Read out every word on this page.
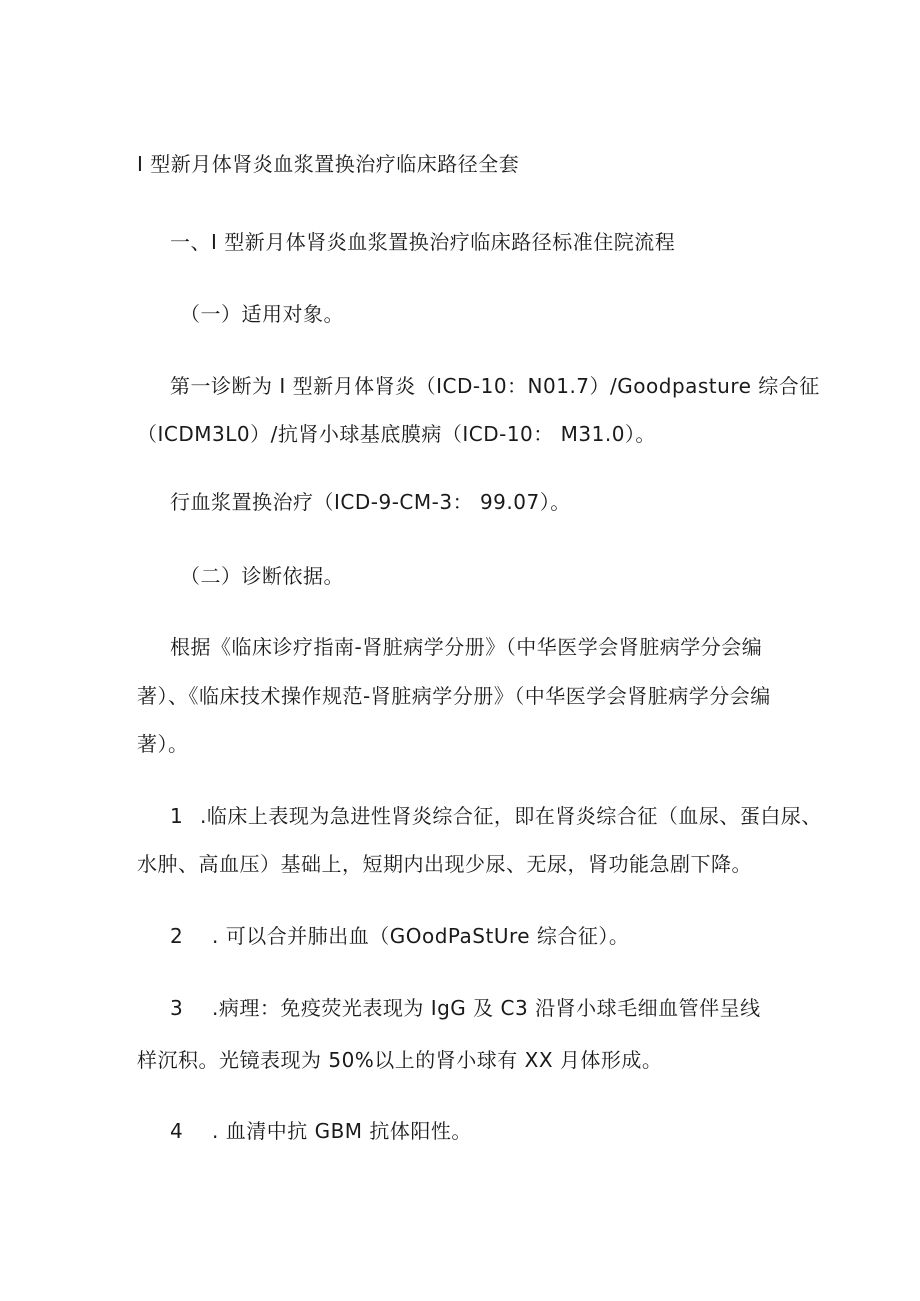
I 型新月体肾炎血浆置换治疗临床路径全套
一、I 型新月体肾炎血浆置换治疗临床路径标准住院流程
（一）适用对象。
第一诊断为 I 型新月体肾炎（ICD-10：N01.7）/Goodpasture 综合征
（ICDM3L0）/抗肾小球基底膜病（ICD-10： M31.0）。
行血浆置换治疗（ICD-9-CM-3： 99.07）。
（二）诊断依据。
根据《临床诊疗指南-肾脏病学分册》（中华医学会肾脏病学分会编
著）、《临床技术操作规范-肾脏病学分册》（中华医学会肾脏病学分会编
著）。
1 .临床上表现为急进性肾炎综合征，即在肾炎综合征（血尿、蛋白尿、
水肿、高血压）基础上，短期内出现少尿、无尿，肾功能急剧下降。
2 . 可以合并肺出血（GOodPaStUre 综合征）。
3 .病理：免疫荧光表现为 IgG 及 C3 沿肾小球毛细血管伴呈线
样沉积。光镜表现为 50%以上的肾小球有 XX 月体形成。
4 . 血清中抗 GBM 抗体阳性。
